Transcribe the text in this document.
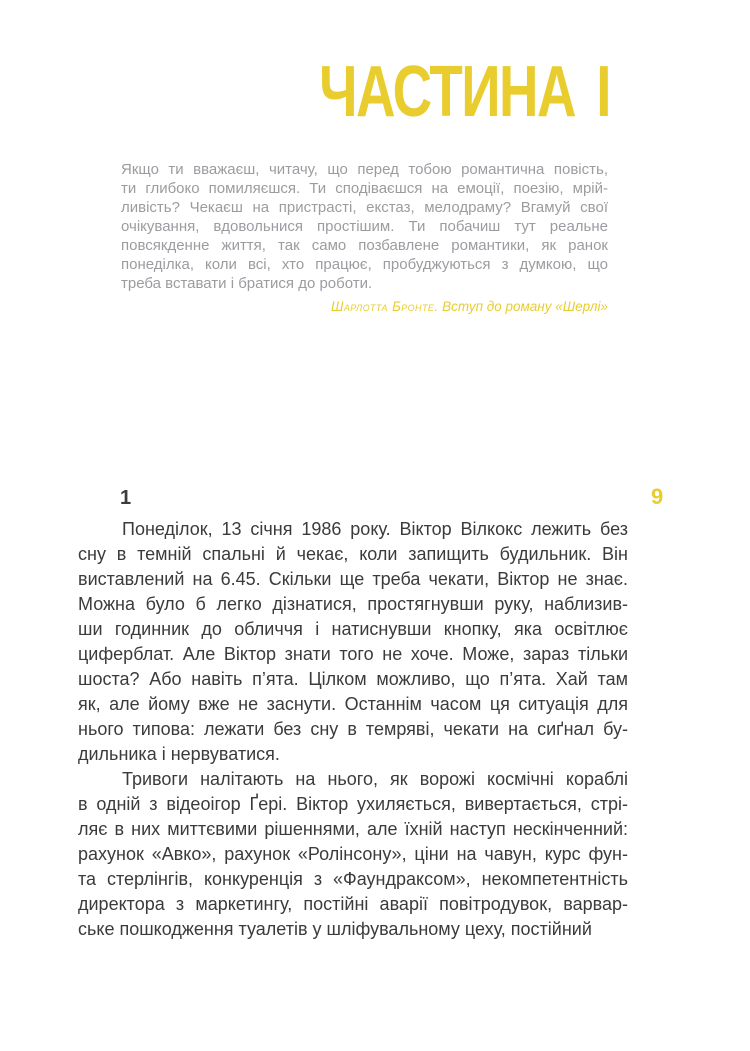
ЧАСТИНА I
Якщо ти вважаєш, читачу, що перед тобою романтична повість,
ти глибоко помиляєшся. Ти сподіваєшся на емоції, поезію, мрій-
ливість? Чекаєш на пристрасті, екстаз, мелодраму? Вгамуй свої
очікування, вдовольнися простішим. Ти побачиш тут реальне
повсякденне життя, так само позбавлене романтики, як ранок
понеділка, коли всі, хто працює, пробуджуються з думкою, що
треба вставати і братися до роботи.
Шарлотта Бронте. Вступ до роману «Шерлі»
1	9
Понеділок, 13 січня 1986 року. Віктор Вілкокс лежить без
сну в темній спальні й чекає, коли запищить будильник. Він
виставлений на 6.45. Скільки ще треба чекати, Віктор не знає.
Можна було б легко дізнатися, простягнувши руку, наблизив-
ши годинник до обличчя і натиснувши кнопку, яка освітлює
циферблат. Але Віктор знати того не хоче. Може, зараз тільки
шоста? Або навіть п’ята. Цілком можливо, що п’ята. Хай там
як, але йому вже не заснути. Останнім часом ця ситуація для
нього типова: лежати без сну в темряві, чекати на сиґнал бу-
дильника і нервуватися.
Тривоги налітають на нього, як ворожі космічні кораблі
в одній з відеоігор Ґері. Віктор ухиляється, вивертається, стрі-
ляє в них миттєвими рішеннями, але їхній наступ нескінченний:
рахунок «Авко», рахунок «Ролінсону», ціни на чавун, курс фун-
та стерлінгів, конкуренція з «Фаундраксом», некомпетентність
директора з маркетингу, постійні аварії повітродувок, варвар-
ське пошкодження туалетів у шліфувальному цеху, постійний
